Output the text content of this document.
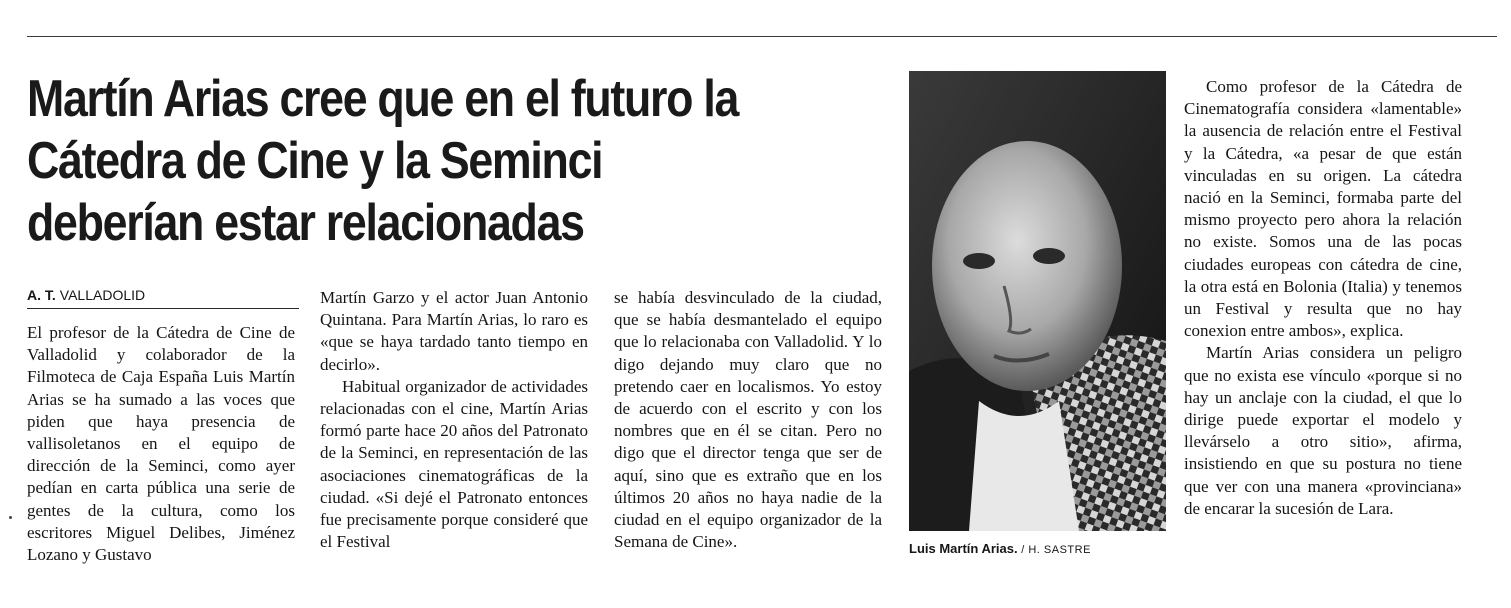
Martín Arias cree que en el futuro la Cátedra de Cine y la Seminci deberían estar relacionadas
A. T. VALLADOLID

El profesor de la Cátedra de Cine de Valladolid y colaborador de la Filmoteca de Caja España Luis Martín Arias se ha sumado a las voces que piden que haya presencia de vallisoletanos en el equipo de dirección de la Seminci, como ayer pedían en carta pública una serie de gentes de la cultura, como los escritores Miguel Delibes, Jiménez Lozano y Gustavo

Martín Garzo y el actor Juan Antonio Quintana. Para Martín Arias, lo raro es «que se haya tardado tanto tiempo en decirlo».

Habitual organizador de actividades relacionadas con el cine, Martín Arias formó parte hace 20 años del Patronato de la Seminci, en representación de las asociaciones cinematográficas de la ciudad. «Si dejé el Patronato entonces fue precisamente porque consideré que el Festival

se había desvinculado de la ciudad, que se había desmantelado el equipo que lo relacionaba con Valladolid. Y lo digo dejando muy claro que no pretendo caer en localismos. Yo estoy de acuerdo con el escrito y con los nombres que en él se citan. Pero no digo que el director tenga que ser de aquí, sino que es extraño que en los últimos 20 años no haya nadie de la ciudad en el equipo organizador de la Semana de Cine».	Luis Martín Arias. / H. SASTRE

Como profesor de la Cátedra de Cinematografía considera «lamentable» la ausencia de relación entre el Festival y la Cátedra, «a pesar de que están vinculadas en su origen. La cátedra nació en la Seminci, formaba parte del mismo proyecto pero ahora la relación no existe. Somos una de las pocas ciudades europeas con cátedra de cine, la otra está en Bolonia (Italia) y tenemos un Festival y resulta que no hay conexion entre ambos», explica.

Martín Arias considera un peligro que no exista ese vínculo «porque si no hay un anclaje con la ciudad, el que lo dirige puede exportar el modelo y llevárselo a otro sitio», afirma, insistiendo en que su postura no tiene que ver con una manera «provinciana» de encarar la sucesión de Lara.
